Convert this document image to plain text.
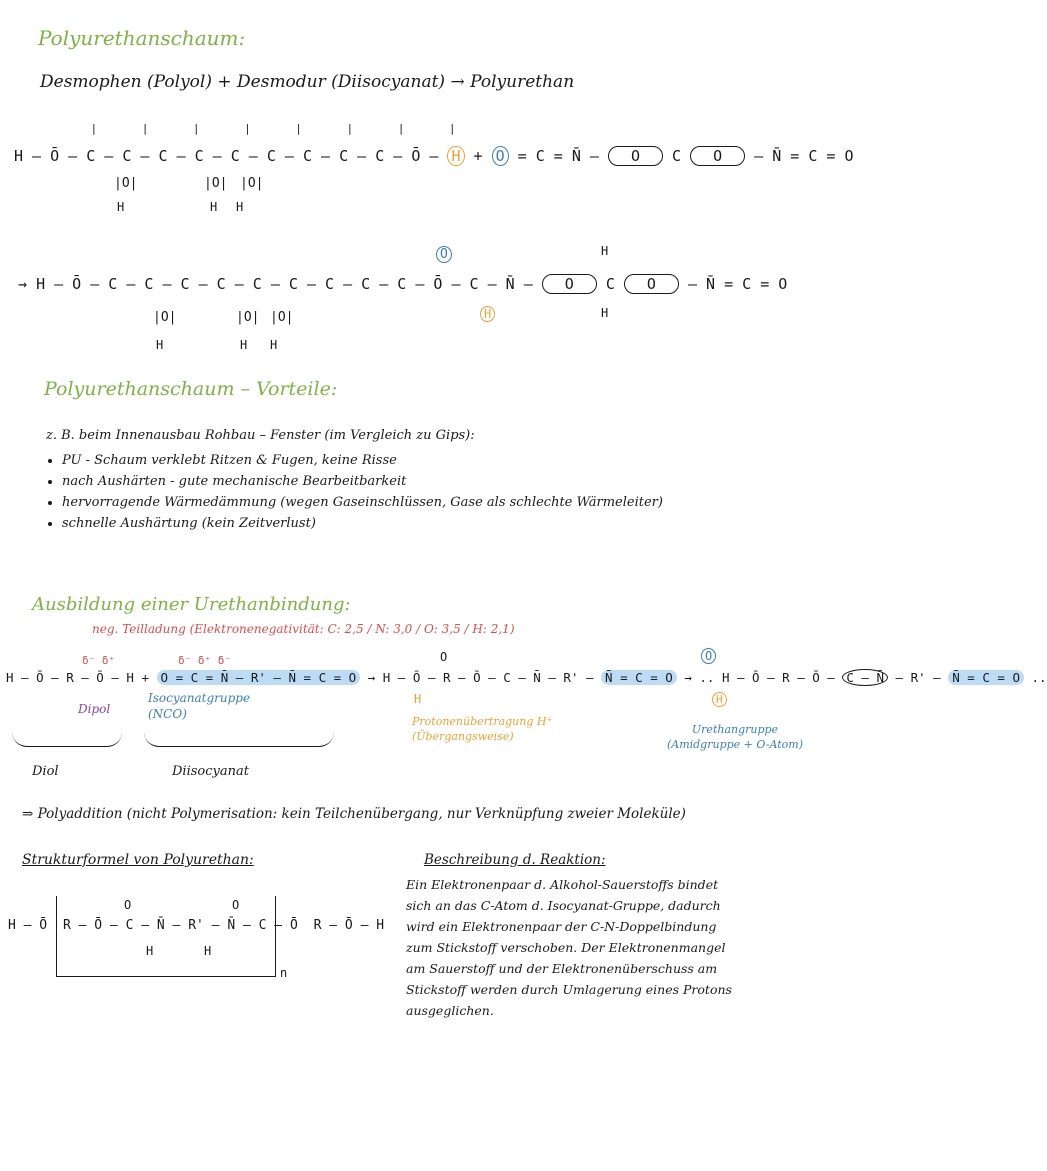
Polyurethanschaum:
Desmophen (Polyol) + Desmodur (Diisocyanat) → Polyurethan
| | | | | | | |
H – Ō – C – C – C – C – C – C – C – C – C – Ō – H + O = C = N̄ – O C O – N̄ = C = O
|O|
H
|O| |O|
H H
O	H
→ H – Ō – C – C – C – C – C – C – C – C – C – Ō – C – N̄ – O C O – N̄ = C = O
H	H
|O|
H
|O| |O|
H H
Polyurethanschaum – Vorteile:
z. B. beim Innenausbau Rohbau – Fenster (im Vergleich zu Gips):
• PU - Schaum verklebt Ritzen & Fugen, keine Risse
• nach Aushärten - gute mechanische Bearbeitbarkeit
• hervorragende Wärmedämmung (wegen Gaseinschlüssen, Gase als schlechte Wärmeleiter)
• schnelle Aushärtung (kein Zeitverlust)
Ausbildung einer Urethanbindung:
neg. Teilladung (Elektronenegativität: C: 2,5 / N: 3,0 / O: 3,5 / H: 2,1)
δ⁻ δ⁺	δ⁻ δ⁺ δ⁻	O	O
H – Ō – R – Ō – H + O = C = N̄ – R' – N̄ = C = O → H – Ō – R – Ō – C – N̄ – R' – N̄ = C = O → .. H – Ō – R – Ō – C – N̄ – R' – N̄ = C = O ..
H	H
Dipol
Isocyanatgruppe (NCO)
Protonenübertragung H⁺ (Übergangsweise)
Urethangruppe (Amidgruppe + O-Atom)
Diol	Diisocyanat
⇒ Polyaddition (nicht Polymerisation: kein Teilchenübergang, nur Verknüpfung zweier Moleküle)
Strukturformel von Polyurethan:
O	O
H – Ō R – Ō – C – N̄ – R' – N̄ – C – Ō R – Ō – H
H	H
n
Beschreibung d. Reaktion:

Ein Elektronenpaar d. Alkohol-Sauerstoffs bindet

sich an das C-Atom d. Isocyanat-Gruppe, dadurch

wird ein Elektronenpaar der C-N-Doppelbindung

zum Stickstoff verschoben. Der Elektronenmangel

am Sauerstoff und der Elektronenüberschuss am

Stickstoff werden durch Umlagerung eines Protons

ausgeglichen.
